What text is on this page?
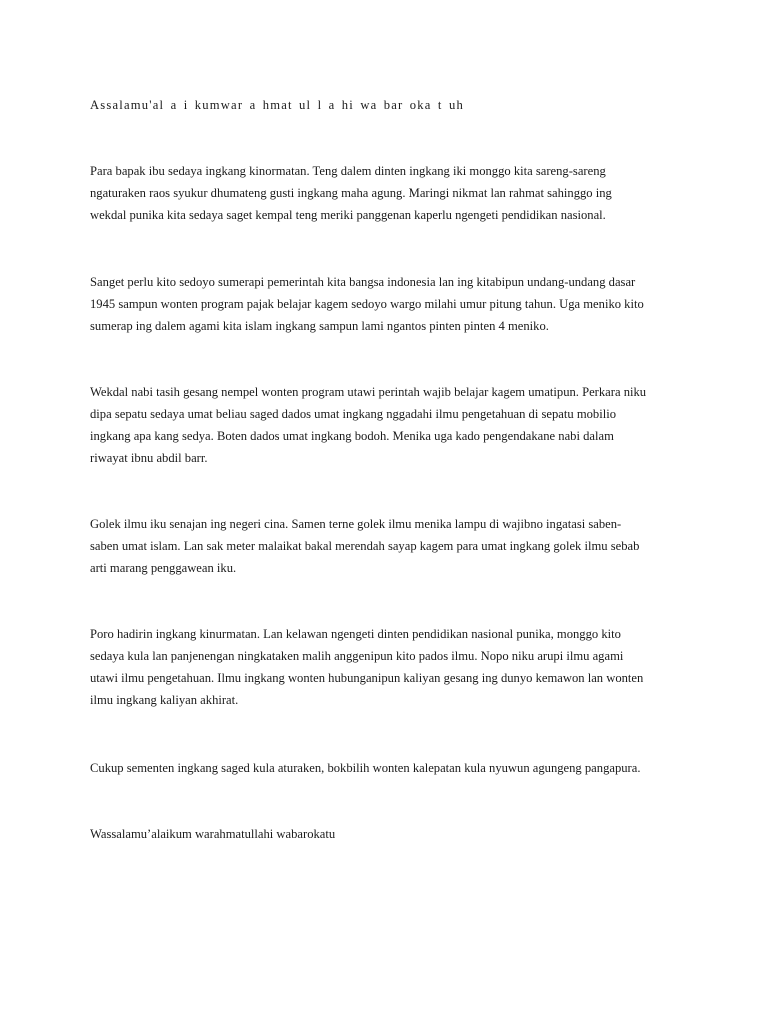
Assalamu'al a i kumwar a hmat ul l a hi wa bar oka t uh

Para bapak ibu sedaya ingkang kinormatan. Teng dalem dinten ingkang iki monggo kita sareng-sareng
ngaturaken raos syukur dhumateng gusti ingkang maha agung. Maringi nikmat lan rahmat sahinggo ing
wekdal punika kita sedaya saget kempal teng meriki panggenan kaperlu ngengeti pendidikan nasional.

Sanget perlu kito sedoyo sumerapi pemerintah kita bangsa indonesia lan ing kitabipun undang-undang dasar
1945 sampun wonten program pajak belajar kagem sedoyo wargo milahi umur pitung tahun. Uga meniko kito
sumerap ing dalem agami kita islam ingkang sampun lami ngantos pinten pinten 4 meniko.

Wekdal nabi tasih gesang nempel wonten program utawi perintah wajib belajar kagem umatipun. Perkara niku
dipa sepatu sedaya umat beliau saged dados umat ingkang nggadahi ilmu pengetahuan di sepatu mobilio
ingkang apa kang sedya. Boten dados umat ingkang bodoh. Menika uga kado pengendakane nabi dalam
riwayat ibnu abdil barr.

Golek ilmu iku senajan ing negeri cina. Samen terne golek ilmu menika lampu di wajibno ingatasi saben-
saben umat islam. Lan sak meter malaikat bakal merendah sayap kagem para umat ingkang golek ilmu sebab
arti marang penggawean iku.

Poro hadirin ingkang kinurmatan. Lan kelawan ngengeti dinten pendidikan nasional punika, monggo kito
sedaya kula lan panjenengan ningkataken malih anggenipun kito pados ilmu. Nopo niku arupi ilmu agami
utawi ilmu pengetahuan. Ilmu ingkang wonten hubunganipun kaliyan gesang ing dunyo kemawon lan wonten
ilmu ingkang kaliyan akhirat.

Cukup sementen ingkang saged kula aturaken, bokbilih wonten kalepatan kula nyuwun agungeng pangapura.

Wassalamu’alaikum warahmatullahi wabarokatu
